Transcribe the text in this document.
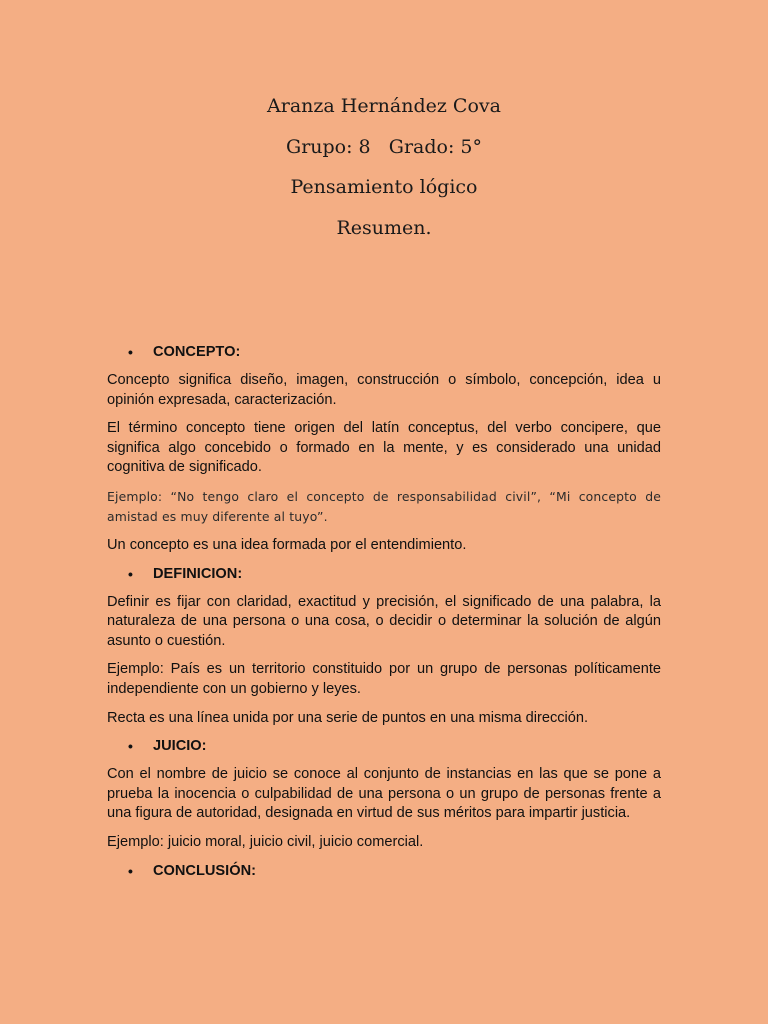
Aranza Hernández Cova
Grupo: 8   Grado: 5°
Pensamiento lógico
Resumen.
•	CONCEPTO:

Concepto significa diseño, imagen, construcción o símbolo, concepción, idea u opinión expresada, caracterización.

El término concepto tiene origen del latín conceptus, del verbo concipere, que significa algo concebido o formado en la mente, y es considerado una unidad cognitiva de significado.

Ejemplo: “No tengo claro el concepto de responsabilidad civil”, “Mi concepto de amistad es muy diferente al tuyo”.

Un concepto es una idea formada por el entendimiento.

•	DEFINICION:

Definir es fijar con claridad, exactitud y precisión, el significado de una palabra, la naturaleza de una persona o una cosa, o decidir o determinar la solución de algún asunto o cuestión.

Ejemplo: País es un territorio constituido por un grupo de personas políticamente independiente con un gobierno y leyes.

Recta es una línea unida por una serie de puntos en una misma dirección.

•	JUICIO:

Con el nombre de juicio se conoce al conjunto de instancias en las que se pone a prueba la inocencia o culpabilidad de una persona o un grupo de personas frente a una figura de autoridad, designada en virtud de sus méritos para impartir justicia.

Ejemplo: juicio moral, juicio civil, juicio comercial.

•	CONCLUSIÓN:
